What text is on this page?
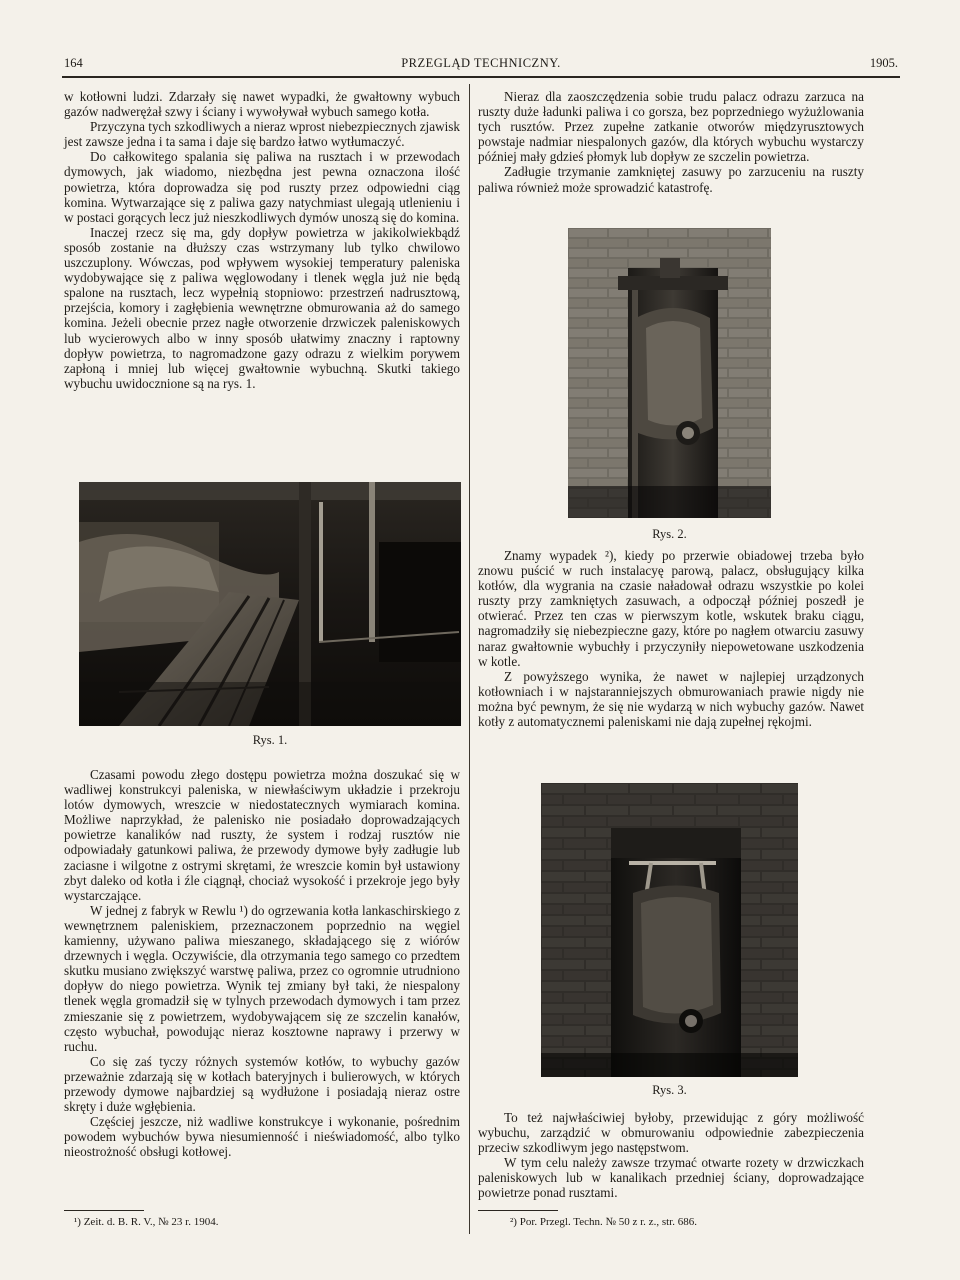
164	PRZEGLĄD TECHNICZNY.	1905.

w kotłowni ludzi. Zdarzały się nawet wypadki, że gwałtowny wybuch gazów nadwerężał szwy i ściany i wywoływał wybuch samego kotła.

Przyczyna tych szkodliwych a nieraz wprost niebezpiecznych zjawisk jest zawsze jedna i ta sama i daje się bardzo łatwo wytłumaczyć.

Do całkowitego spalania się paliwa na rusztach i w przewodach dymowych, jak wiadomo, niezbędna jest pewna oznaczona ilość powietrza, która doprowadza się pod ruszty przez odpowiedni ciąg komina. Wytwarzające się z paliwa gazy natychmiast ulegają utlenieniu i w postaci gorących lecz już nieszkodliwych dymów unoszą się do komina.

Inaczej rzecz się ma, gdy dopływ powietrza w jakikolwiekbądź sposób zostanie na dłuższy czas wstrzymany lub tylko chwilowo uszczuplony. Wówczas, pod wpływem wysokiej temperatury paleniska wydobywające się z paliwa węglowodany i tlenek węgla już nie będą spalone na rusztach, lecz wypełnią stopniowo: przestrzeń nadrusztową, przejścia, komory i zagłębienia wewnętrzne obmurowania aż do samego komina. Jeżeli obecnie przez nagłe otworzenie drzwiczek paleniskowych lub wycierowych albo w inny sposób ułatwimy znaczny i raptowny dopływ powietrza, to nagromadzone gazy odrazu z wielkim porywem zapłoną i mniej lub więcej gwałtownie wybuchną. Skutki takiego wybuchu uwidocznione są na rys. 1.

Rys. 1.

Czasami powodu złego dostępu powietrza można doszukać się w wadliwej konstrukcyi paleniska, w niewłaściwym układzie i przekroju lotów dymowych, wreszcie w niedostatecznych wymiarach komina. Możliwe naprzykład, że palenisko nie posiadało doprowadzających powietrze kanalików nad ruszty, że system i rodzaj rusztów nie odpowiadały gatunkowi paliwa, że przewody dymowe były zadługie lub zaciasne i wilgotne z ostrymi skrętami, że wreszcie komin był ustawiony zbyt daleko od kotła i źle ciągnął, chociaż wysokość i przekroje jego były wystarczające.

W jednej z fabryk w Rewlu ¹) do ogrzewania kotła lankaschirskiego z wewnętrznem paleniskiem, przeznaczonem poprzednio na węgiel kamienny, używano paliwa mieszanego, składającego się z wiórów drzewnych i węgla. Oczywiście, dla otrzymania tego samego co przedtem skutku musiano zwiększyć warstwę paliwa, przez co ogromnie utrudniono dopływ do niego powietrza. Wynik tej zmiany był taki, że niespalony tlenek węgla gromadził się w tylnych przewodach dymowych i tam przez zmieszanie się z powietrzem, wydobywającem się ze szczelin kanałów, często wybuchał, powodując nieraz kosztowne naprawy i przerwy w ruchu.

Co się zaś tyczy różnych systemów kotłów, to wybuchy gazów przeważnie zdarzają się w kotłach bateryjnych i bulierowych, w których przewody dymowe najbardziej są wydłużone i posiadają nieraz ostre skręty i duże wgłębienia.

Częściej jeszcze, niż wadliwe konstrukcye i wykonanie, pośrednim powodem wybuchów bywa niesumienność i nieświadomość, albo tylko nieostrożność obsługi kotłowej.

¹) Zeit. d. B. R. V., № 23 r. 1904.

Nieraz dla zaoszczędzenia sobie trudu palacz odrazu zarzuca na ruszty duże ładunki paliwa i co gorsza, bez poprzedniego wyżużlowania tych rusztów. Przez zupełne zatkanie otworów międzyrusztowych powstaje nadmiar niespalonych gazów, dla których wybuchu wystarczy później mały gdzieś płomyk lub dopływ ze szczelin powietrza.

Zadługie trzymanie zamkniętej zasuwy po zarzuceniu na ruszty paliwa również może sprowadzić katastrofę.

Rys. 2.

Znamy wypadek ²), kiedy po przerwie obiadowej trzeba było znowu puścić w ruch instalacyę parową, palacz, obsługujący kilka kotłów, dla wygrania na czasie naładował odrazu wszystkie po kolei ruszty przy zamkniętych zasuwach, a odpoczął później poszedł je otwierać. Przez ten czas w pierwszym kotle, wskutek braku ciągu, nagromadziły się niebezpieczne gazy, które po nagłem otwarciu zasuwy naraz gwałtownie wybuchły i przyczyniły niepowetowane uszkodzenia w kotle.

Z powyższego wynika, że nawet w najlepiej urządzonych kotłowniach i w najstaranniejszych obmurowaniach prawie nigdy nie można być pewnym, że się nie wydarzą w nich wybuchy gazów. Nawet kotły z automatycznemi paleniskami nie dają zupełnej rękojmi.

Rys. 3.

To też najwłaściwiej byłoby, przewidując z góry możliwość wybuchu, zarządzić w obmurowaniu odpowiednie zabezpieczenia przeciw szkodliwym jego następstwom.

W tym celu należy zawsze trzymać otwarte rozety w drzwiczkach paleniskowych lub w kanalikach przedniej ściany, doprowadzające powietrze ponad rusztami.

²) Por. Przegl. Techn. № 50 z r. z., str. 686.
